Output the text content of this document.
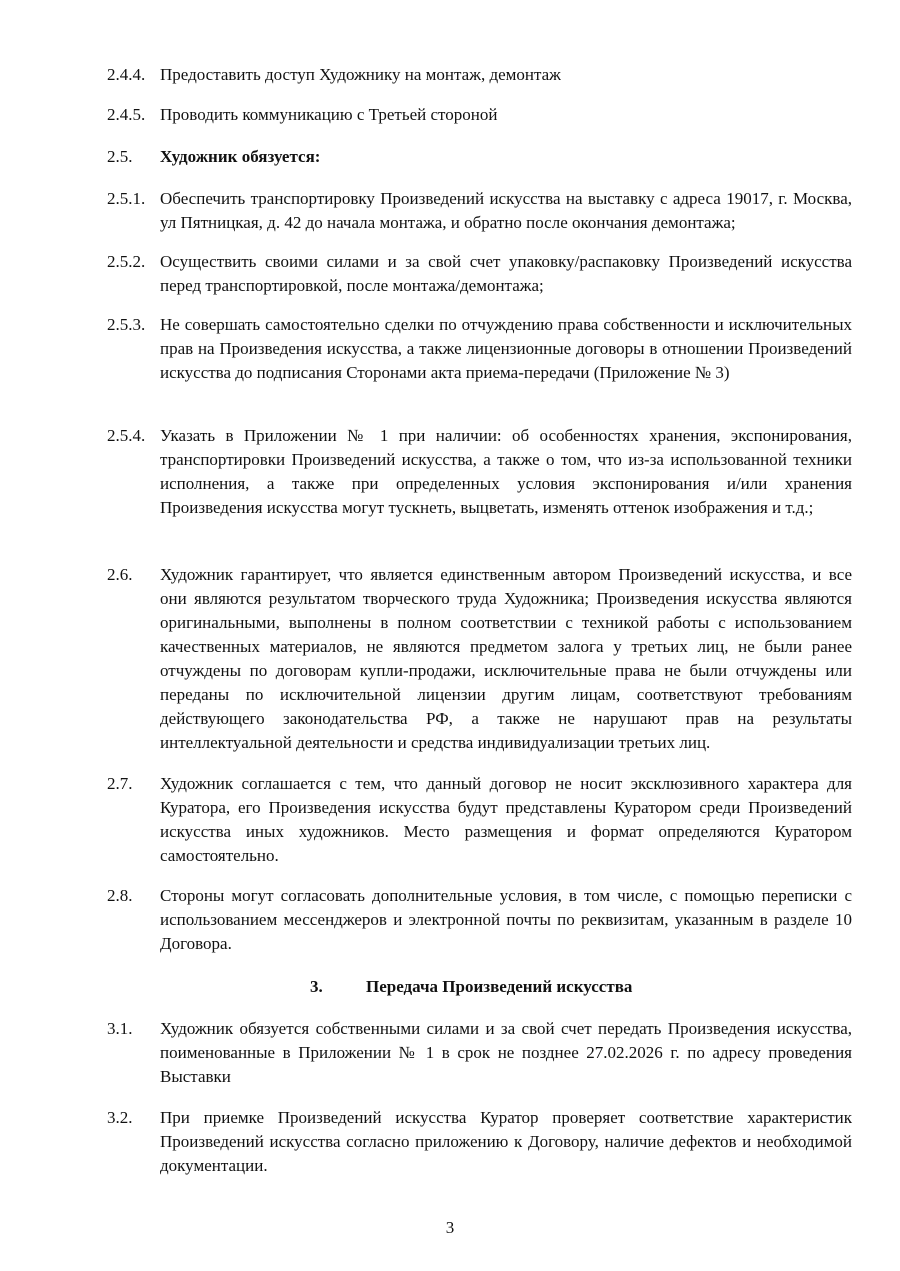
2.4.4. Предоставить доступ Художнику на монтаж, демонтаж
2.4.5. Проводить коммуникацию с Третьей стороной
2.5.	Художник обязуется:
2.5.1. Обеспечить транспортировку Произведений искусства на выставку с адреса 19017, г. Москва, ул Пятницкая, д. 42 до начала монтажа, и обратно после окончания демонтажа;
2.5.2. Осуществить своими силами и за свой счет упаковку/распаковку Произведений искусства перед транспортировкой, после монтажа/демонтажа;
2.5.3. Не совершать самостоятельно сделки по отчуждению права собственности и исключительных прав на Произведения искусства, а также лицензионные договоры в отношении Произведений искусства до подписания Сторонами акта приема-передачи (Приложение № 3)
2.5.4. Указать в Приложении № 1 при наличии: об особенностях хранения, экспонирования, транспортировки Произведений искусства, а также о том, что из-за использованной техники исполнения, а также при определенных условия экспонирования и/или хранения Произведения искусства могут тускнеть, выцветать, изменять оттенок изображения и т.д.;
2.6.	Художник гарантирует, что является единственным автором Произведений искусства, и все они являются результатом творческого труда Художника; Произведения искусства являются оригинальными, выполнены в полном соответствии с техникой работы с использованием качественных материалов, не являются предметом залога у третьих лиц, не были ранее отчуждены по договорам купли-продажи, исключительные права не были отчуждены или переданы по исключительной лицензии другим лицам, соответствуют требованиям действующего законодательства РФ, а также не нарушают прав на результаты интеллектуальной деятельности и средства индивидуализации третьих лиц.
2.7.	Художник соглашается с тем, что данный договор не носит эксклюзивного характера для Куратора, его Произведения искусства будут представлены Куратором среди Произведений искусства иных художников. Место размещения и формат определяются Куратором самостоятельно.
2.8.	Стороны могут согласовать дополнительные условия, в том числе, с помощью переписки с использованием мессенджеров и электронной почты по реквизитам, указанным в разделе 10 Договора.
3.	Передача Произведений искусства
3.1.	Художник обязуется собственными силами и за свой счет передать Произведения искусства, поименованные в Приложении № 1 в срок не позднее 27.02.2026 г. по адресу проведения Выставки
3.2.	При приемке Произведений искусства Куратор проверяет соответствие характеристик Произведений искусства согласно приложению к Договору, наличие дефектов и необходимой документации.
3
